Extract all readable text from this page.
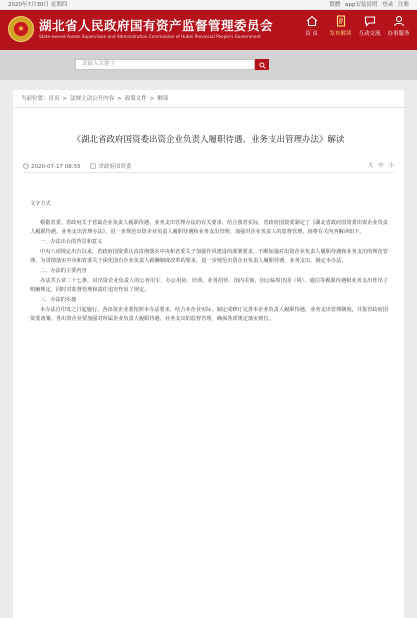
2020年7月30日 星期四	繁體 app安装说明 登录 注册
★ 湖北省人民政府国有资产监督管理委员会
State-owned Assets Supervision and Administration Commission of Hubei Provincial People's Government	首 页	发布解读	互动交流	办事服务
请输入关键字
当前位置：首页 > 法规主动公开内容 > 政策文件 > 解读
《湖北省政府国资委出资企业负责人履职待遇、业务支出管理办法》解读
2020-07-17 08:55	省政府国资委	大 中 小

文字方式

根据省委、省政府关于省属企业负责人履职待遇、业务支出管理办法的有关要求，结合我省实际，省政府国资委制定了《湖北省政府国资委出资企业负责人履职待遇、业务支出管理办法》，进一步规范出资企业负责人履职待遇和业务支出管理，加强对企业负责人的监督管理，现将有关内容解读如下。

一、办法出台的背景和意义

中央八项规定出台以来，省政府国资委认真贯彻落实中央和省委关于加强作风建设的部署要求，不断加强对出资企业负责人履职待遇和业务支出的规范管理。为贯彻落实中央和省委关于深化国有企业负责人薪酬制度改革的要求，进一步规范出资企业负责人履职待遇、业务支出，制定本办法。

二、办法的主要内容

办法共五章二十七条，对出资企业负责人的公务用车、办公用房、培训、业务招待、国内差旅、因公临时出国（境）、通信等履职待遇和业务支出作出了明确规定，同时对监督管理和责任追究作出了规定。

三、办法的实施

本办法自印发之日起施行。各出资企业要按照本办法要求，结合本企业实际，制定或修订完善本企业负责人履职待遇、业务支出管理制度，并报省政府国资委备案。各出资企业要加强对所属企业负责人履职待遇、业务支出的监督管理，确保各项规定落实到位。
